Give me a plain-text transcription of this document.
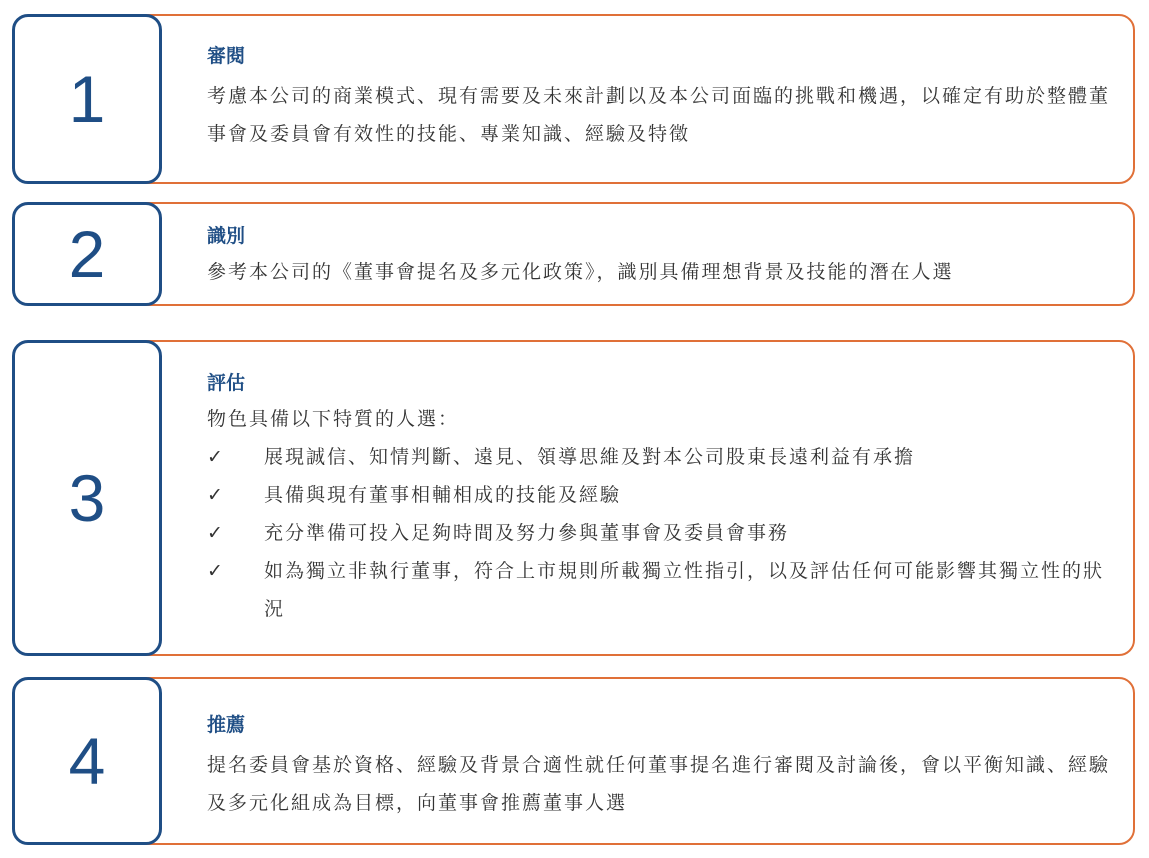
1
審閱

考慮本公司的商業模式、現有需要及未來計劃以及本公司面臨的挑戰和機遇，以確定有助於整體董事會及委員會有效性的技能、專業知識、經驗及特徵

2	識別

參考本公司的《董事會提名及多元化政策》，識別具備理想背景及技能的潛在人選

3
評估

物色具備以下特質的人選：

✓ 展現誠信、知情判斷、遠見、領導思維及對本公司股東長遠利益有承擔
✓ 具備與現有董事相輔相成的技能及經驗
✓ 充分準備可投入足夠時間及努力參與董事會及委員會事務
✓ 如為獨立非執行董事，符合上市規則所載獨立性指引，以及評估任何可能影響其獨立性的狀況
4	推薦

提名委員會基於資格、經驗及背景合適性就任何董事提名進行審閱及討論後，會以平衡知識、經驗及多元化組成為目標，向董事會推薦董事人選
